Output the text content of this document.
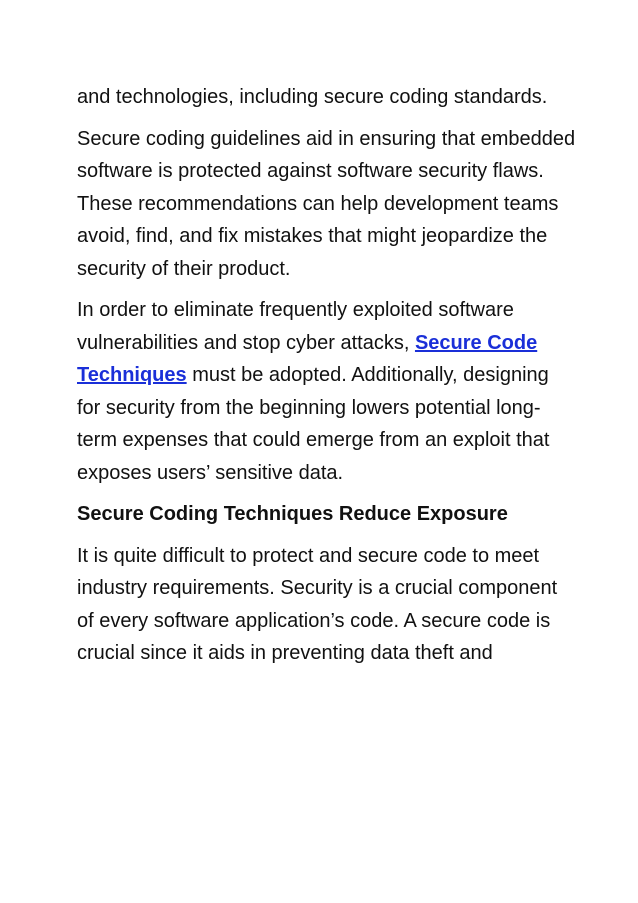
and technologies, including secure coding standards.

Secure coding guidelines aid in ensuring that embedded software is protected against software security flaws. These recommendations can help development teams avoid, find, and fix mistakes that might jeopardize the security of their product.

In order to eliminate frequently exploited software vulnerabilities and stop cyber attacks, Secure Code Techniques must be adopted. Additionally, designing for security from the beginning lowers potential long-term expenses that could emerge from an exploit that exposes users’ sensitive data.

Secure Coding Techniques Reduce Exposure

It is quite difficult to protect and secure code to meet industry requirements. Security is a crucial component of every software application’s code. A secure code is crucial since it aids in preventing data theft and
